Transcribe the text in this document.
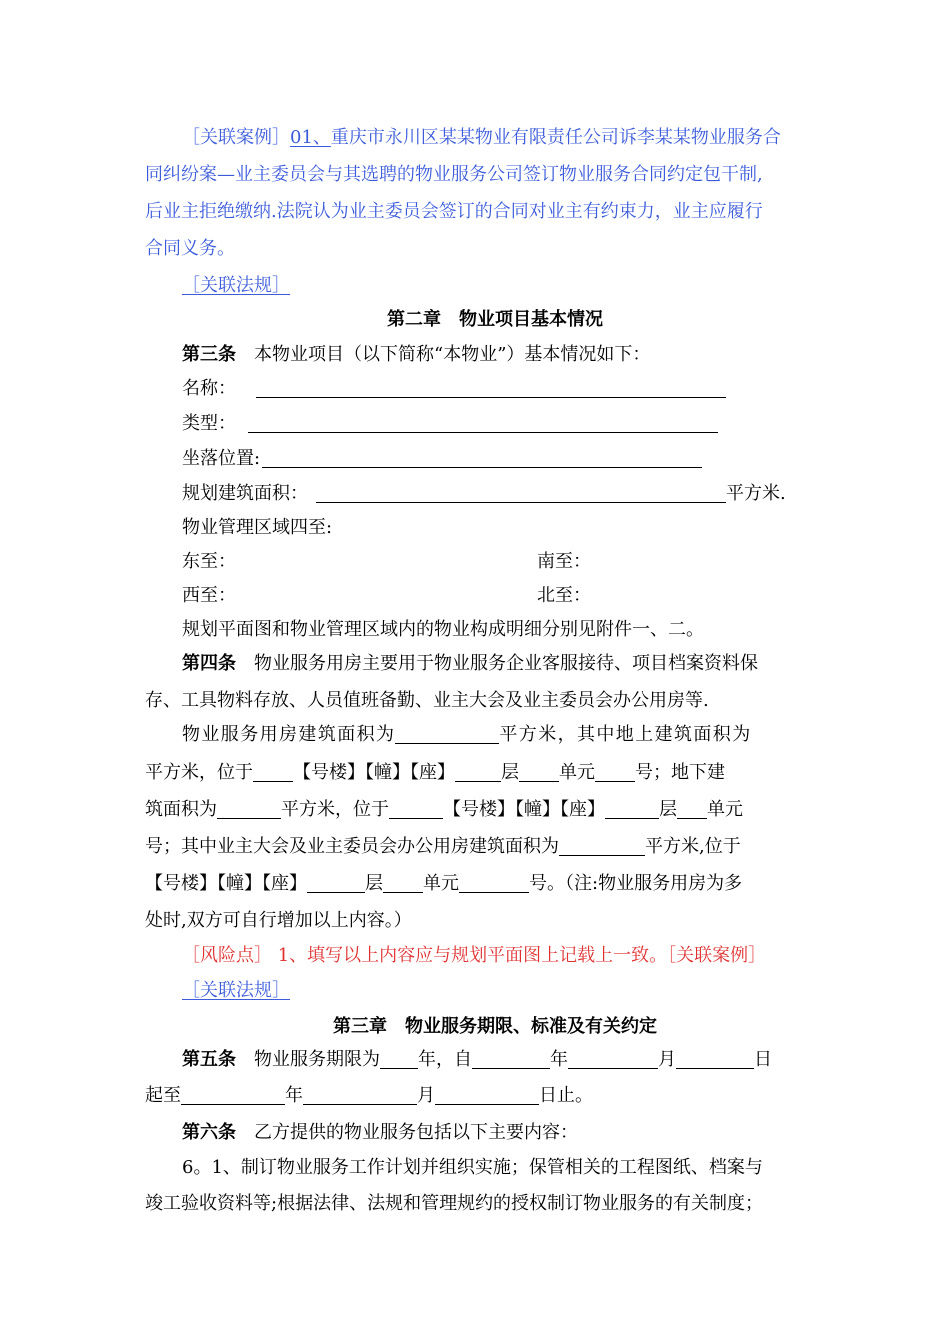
［关联案例］01、重庆市永川区某某物业有限责任公司诉李某某物业服务合
同纠纷案—业主委员会与其选聘的物业服务公司签订物业服务合同约定包干制,
后业主拒绝缴纳.法院认为业主委员会签订的合同对业主有约束力，业主应履行
合同义务。
［关联法规］
第二章　物业项目基本情况
第三条　 本物业项目（以下简称“本物业”）基本情况如下：
名称：
类型：
坐落位置:
规划建筑面积：	平方米.
物业管理区域四至:
东至：	南至：
西至：	北至：
规划平面图和物业管理区域内的物业构成明细分别见附件一、二。
第四条　 物业服务用房主要用于物业服务企业客服接待、项目档案资料保
存、工具物料存放、人员值班备勤、业主大会及业主委员会办公用房等.
物业服务用房建筑面积为	平方米，其中地上建筑面积为
平方米，位于 【号楼】【幢】【座】	层 单元 号；地下建
筑面积为	平方米，位于	【号楼】【幢】【座】	层 单元
号；其中业主大会及业主委员会办公用房建筑面积为	平方米,位于
【号楼】【幢】【座】	层 单元	号。（注:物业服务用房为多
处时,双方可自行增加以上内容。）
［风险点］ 1、填写以上内容应与规划平面图上记载上一致。［关联案例］
［关联法规］
第三章　物业服务期限、标准及有关约定
第五条　 物业服务期限为 年，自	年	月	日
起至	年	月	日止。
第六条　 乙方提供的物业服务包括以下主要内容：
6。1、制订物业服务工作计划并组织实施；保管相关的工程图纸、档案与
竣工验收资料等;根据法律、法规和管理规约的授权制订物业服务的有关制度；
